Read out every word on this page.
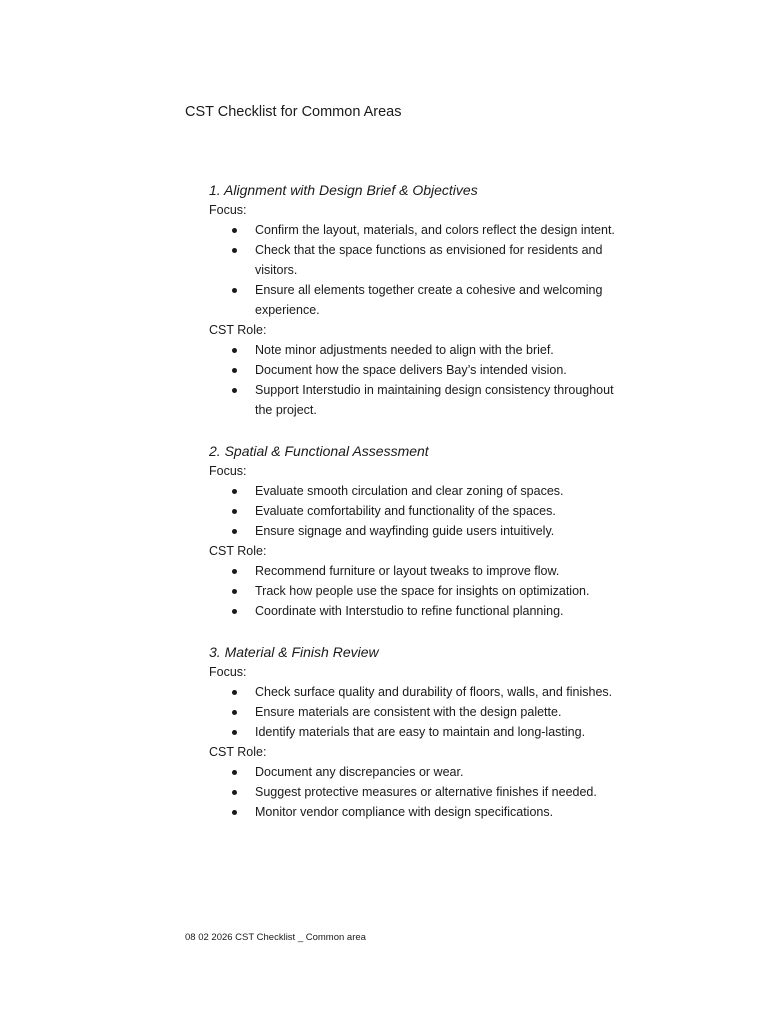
CST Checklist for Common Areas
1. Alignment with Design Brief & Objectives

Focus:

Confirm the layout, materials, and colors reflect the design intent.
Check that the space functions as envisioned for residents and visitors.
Ensure all elements together create a cohesive and welcoming experience.

CST Role:

Note minor adjustments needed to align with the brief.
Document how the space delivers Bay’s intended vision.
Support Interstudio in maintaining design consistency throughout the project.
2. Spatial & Functional Assessment

Focus:

Evaluate smooth circulation and clear zoning of spaces.
Evaluate comfortability and functionality of the spaces.
Ensure signage and wayfinding guide users intuitively.

CST Role:

Recommend furniture or layout tweaks to improve flow.
Track how people use the space for insights on optimization.
Coordinate with Interstudio to refine functional planning.
3. Material & Finish Review

Focus:

Check surface quality and durability of floors, walls, and finishes.
Ensure materials are consistent with the design palette.
Identify materials that are easy to maintain and long-lasting.

CST Role:

Document any discrepancies or wear.
Suggest protective measures or alternative finishes if needed.
Monitor vendor compliance with design specifications.
08 02 2026 CST Checklist _ Common area
